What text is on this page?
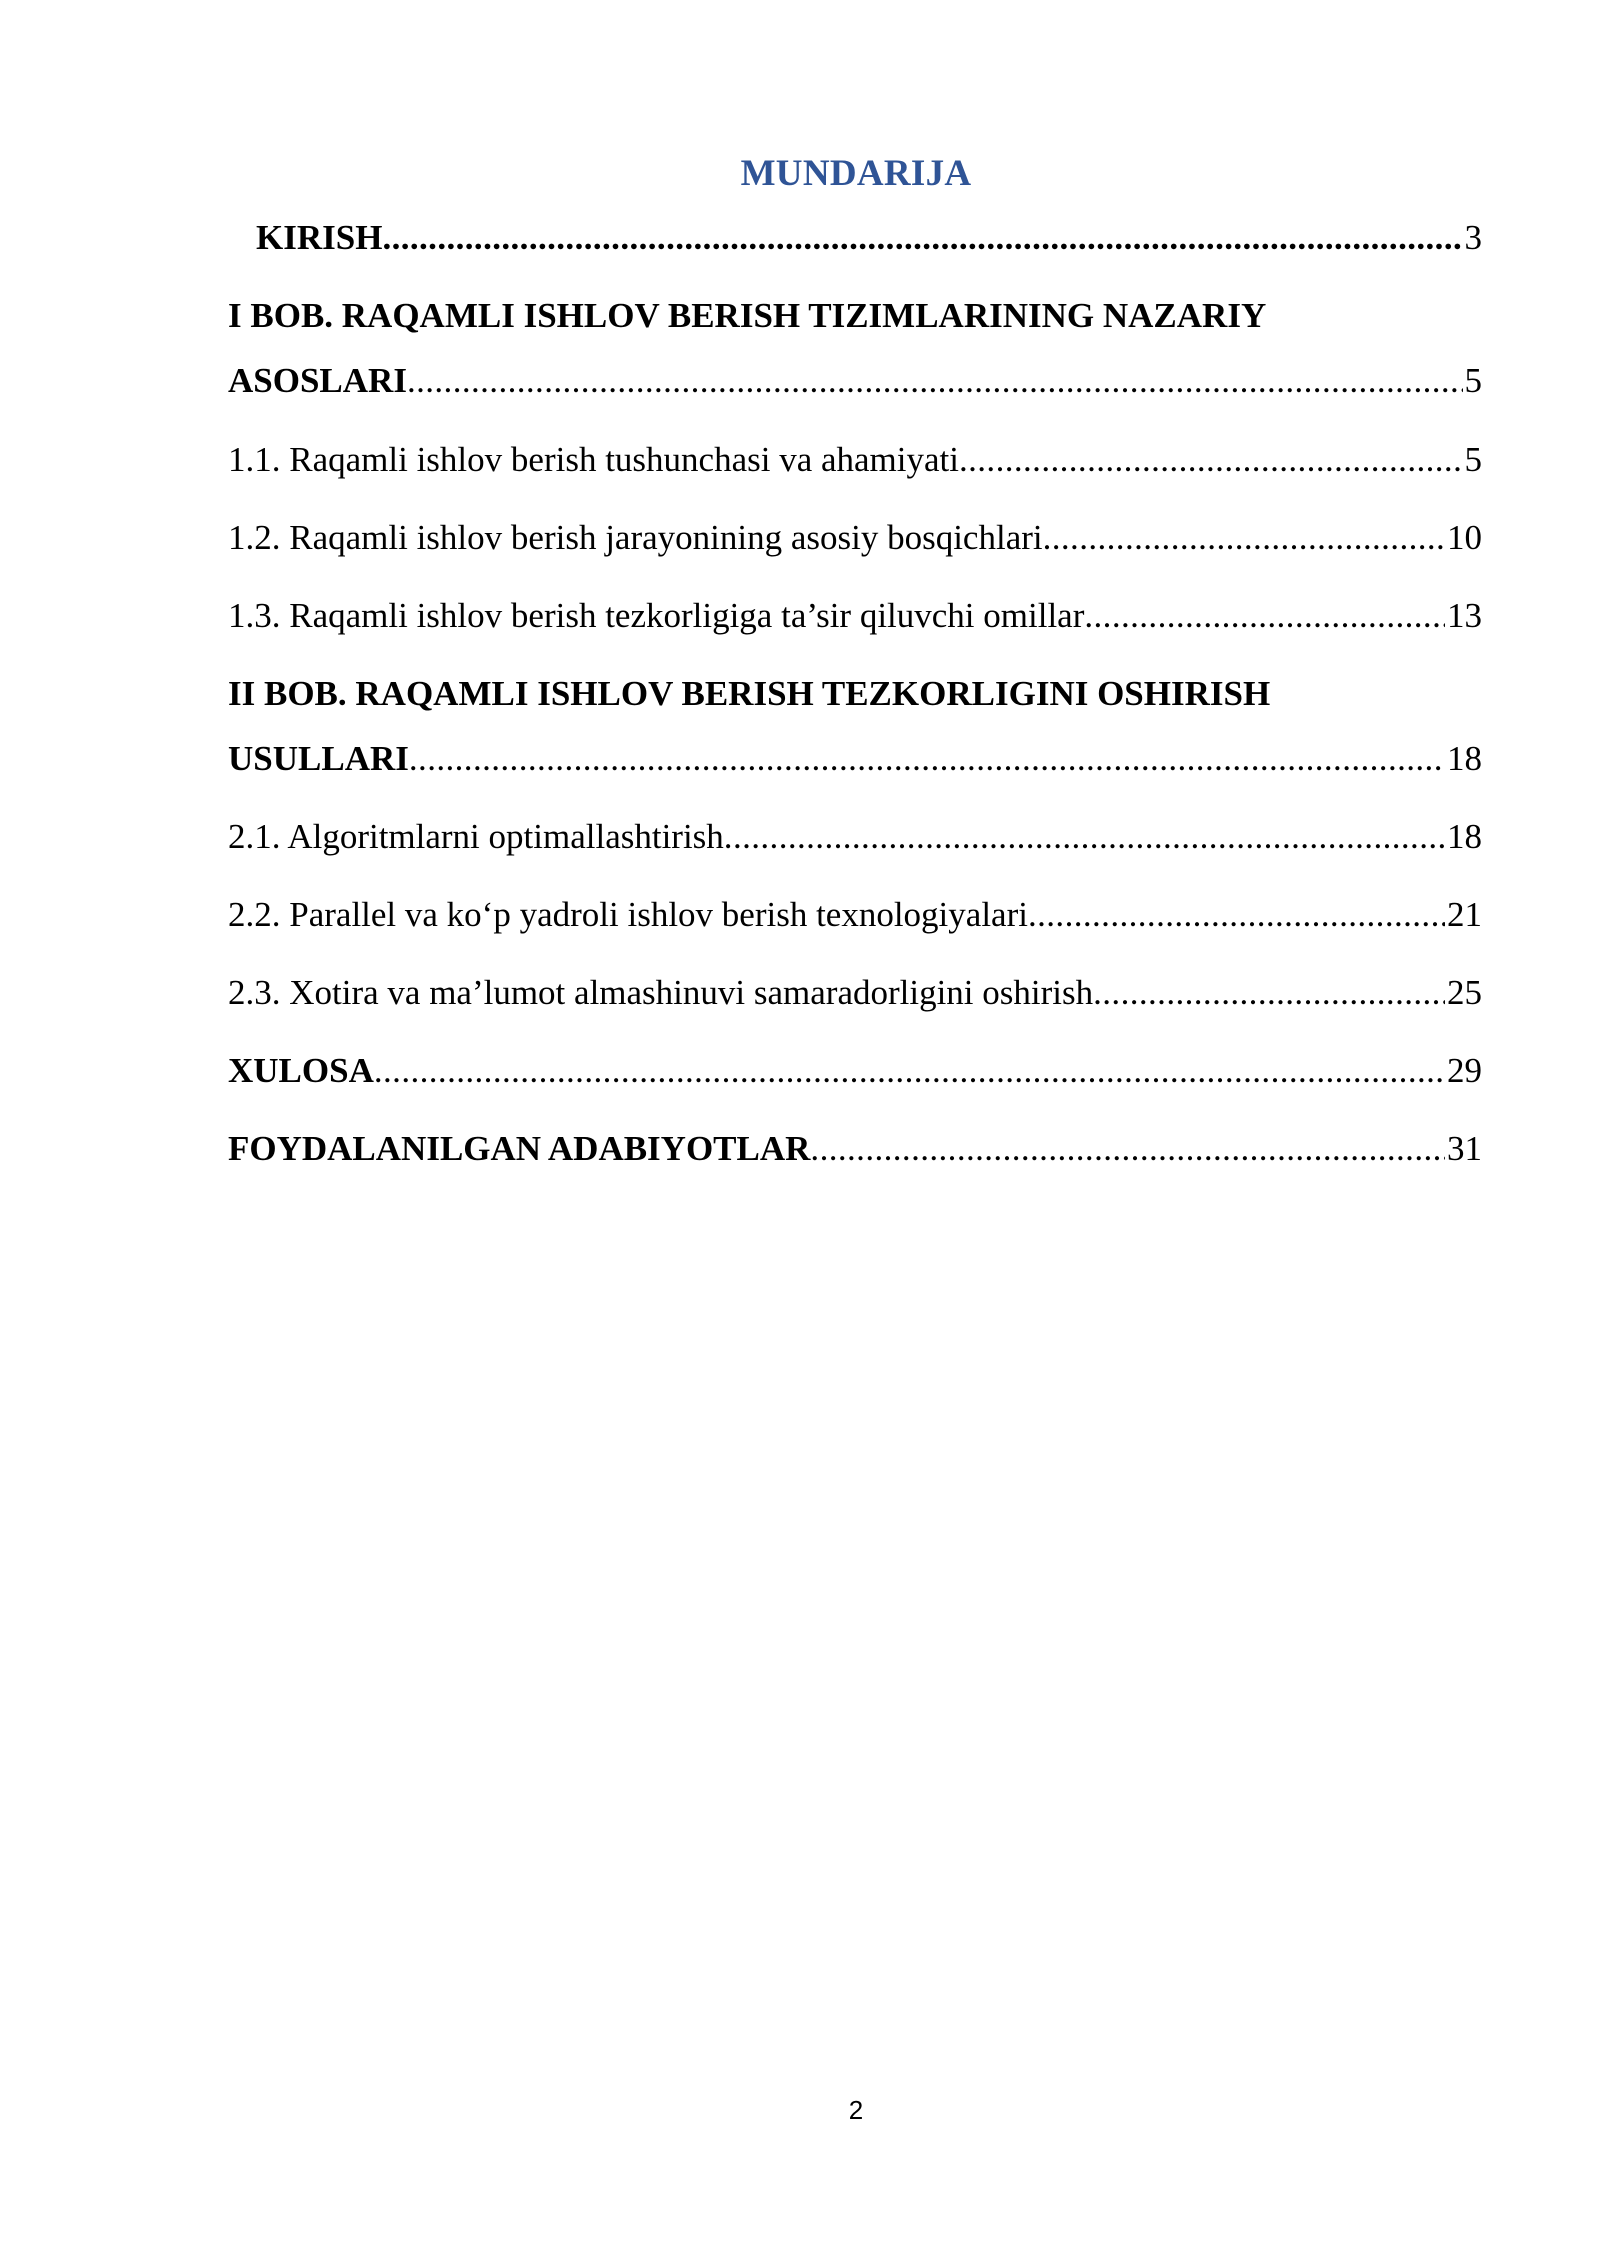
MUNDARIJA
KIRISH .....	3
I BOB. RAQAMLI ISHLOV BERISH TIZIMLARINING NAZARIY
ASOSLARI .....	5
1.1. Raqamli ishlov berish tushunchasi va ahamiyati .....	5
1.2. Raqamli ishlov berish jarayonining asosiy bosqichlari .....	10
1.3. Raqamli ishlov berish tezkorligiga ta’sir qiluvchi omillar .....	13
II BOB. RAQAMLI ISHLOV BERISH TEZKORLIGINI OSHIRISH
USULLARI .....	18
2.1. Algoritmlarni optimallashtirish .....	18
2.2. Parallel va ko‘p yadroli ishlov berish texnologiyalari .....	21
2.3. Xotira va ma’lumot almashinuvi samaradorligini oshirish .....	25
XULOSA .....	29
FOYDALANILGAN ADABIYOTLAR .....	31
2
